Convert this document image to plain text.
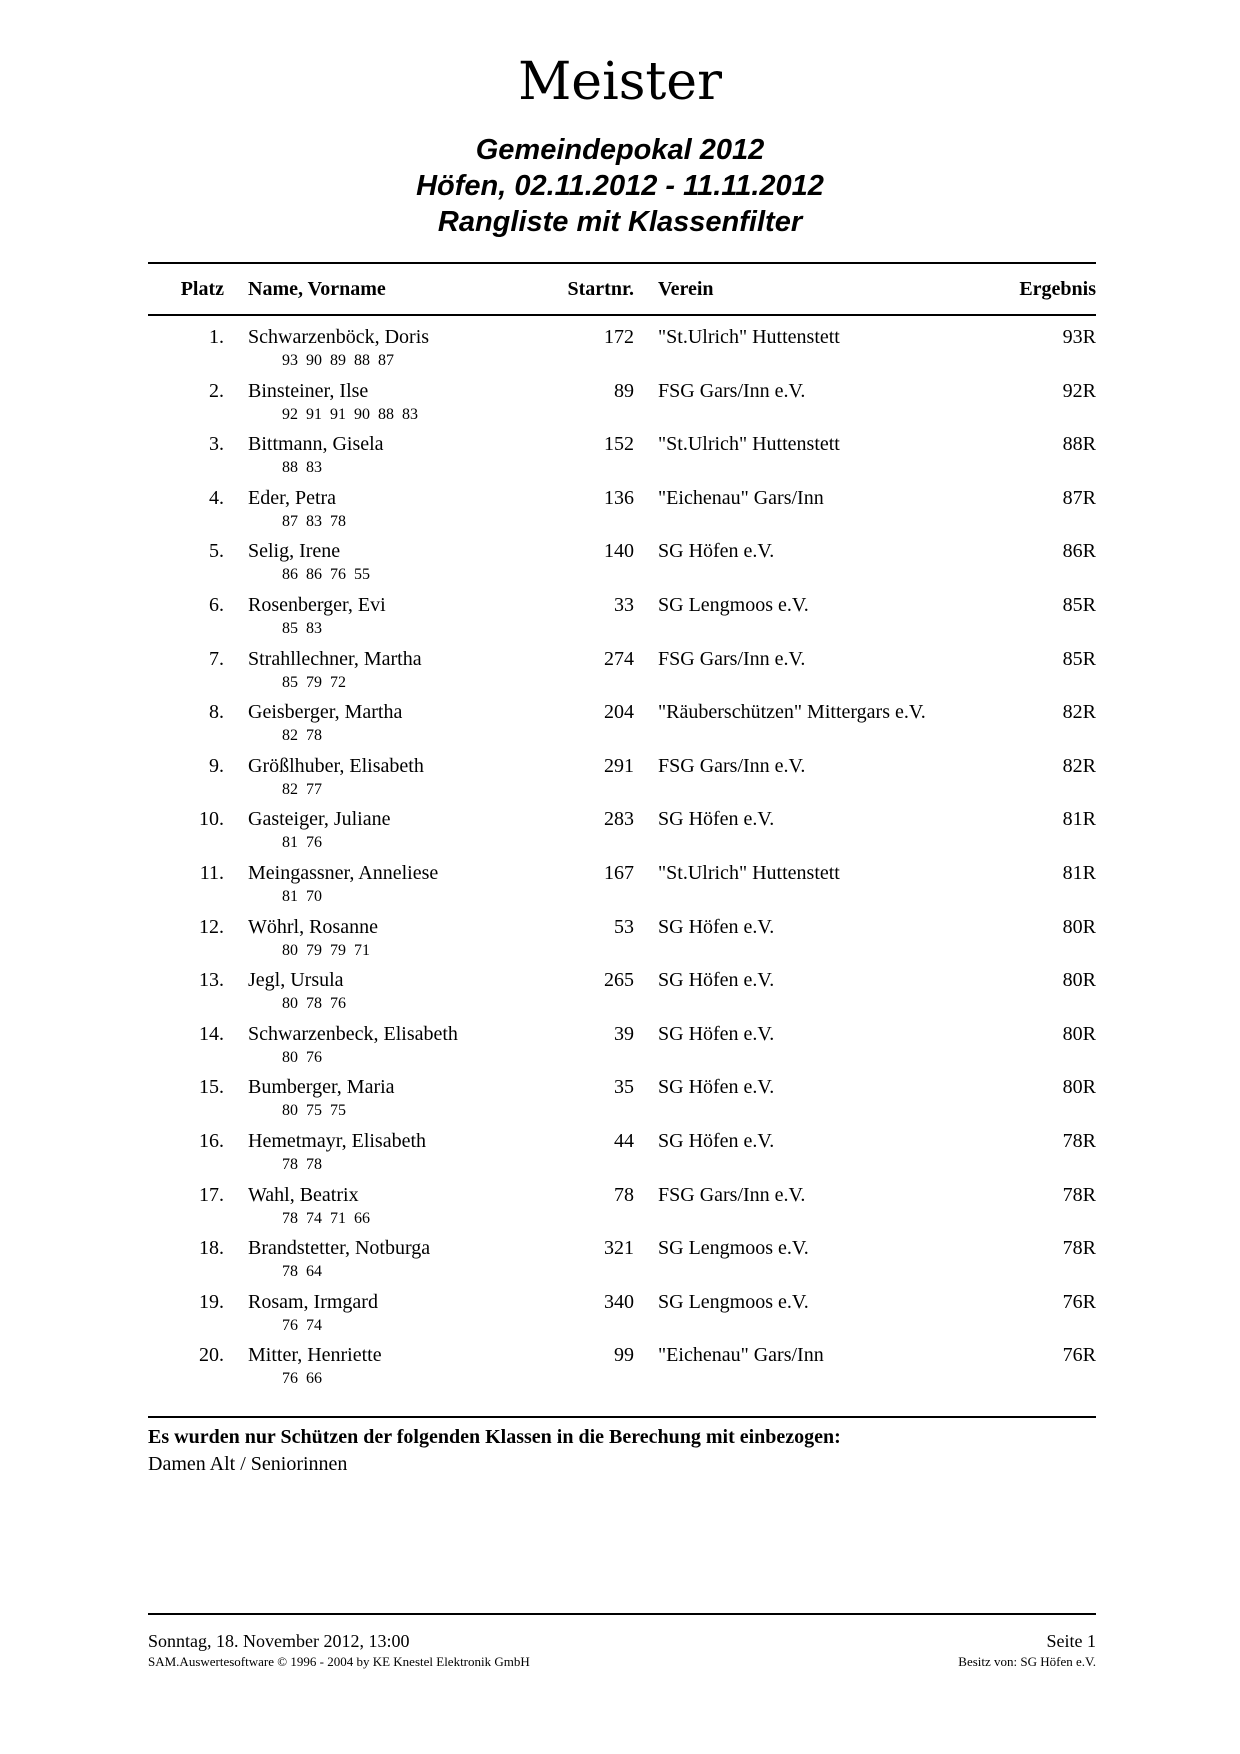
Meister
Gemeindepokal 2012
Höfen, 02.11.2012 - 11.11.2012
Rangliste mit Klassenfilter
Platz Name, Vorname	Startnr. Verein	Ergebnis
1. Schwarzenböck, Doris	172 "St.Ulrich" Huttenstett	93R
93 90 89 88 87
2. Binsteiner, Ilse	89 FSG Gars/Inn e.V.	92R
92 91 91 90 88 83
3. Bittmann, Gisela	152 "St.Ulrich" Huttenstett	88R
88 83
4. Eder, Petra	136 "Eichenau" Gars/Inn	87R
87 83 78
5. Selig, Irene	140 SG Höfen e.V.	86R
86 86 76 55
6. Rosenberger, Evi	33 SG Lengmoos e.V.	85R
85 83
7. Strahllechner, Martha	274 FSG Gars/Inn e.V.	85R
85 79 72
8. Geisberger, Martha	204 "Räuberschützen" Mittergars e.V.	82R
82 78
9. Größlhuber, Elisabeth	291 FSG Gars/Inn e.V.	82R
82 77
10. Gasteiger, Juliane	283 SG Höfen e.V.	81R
81 76
11. Meingassner, Anneliese	167 "St.Ulrich" Huttenstett	81R
81 70
12. Wöhrl, Rosanne	53 SG Höfen e.V.	80R
80 79 79 71
13. Jegl, Ursula	265 SG Höfen e.V.	80R
80 78 76
14. Schwarzenbeck, Elisabeth	39 SG Höfen e.V.	80R
80 76
15. Bumberger, Maria	35 SG Höfen e.V.	80R
80 75 75
16. Hemetmayr, Elisabeth	44 SG Höfen e.V.	78R
78 78
17. Wahl, Beatrix	78 FSG Gars/Inn e.V.	78R
78 74 71 66
18. Brandstetter, Notburga	321 SG Lengmoos e.V.	78R
78 64
19. Rosam, Irmgard	340 SG Lengmoos e.V.	76R
76 74
20. Mitter, Henriette	99 "Eichenau" Gars/Inn	76R
76 66
Es wurden nur Schützen der folgenden Klassen in die Berechung mit einbezogen:
Damen Alt / Seniorinnen
Sonntag, 18. November 2012, 13:00	Seite 1
SAM.Auswertesoftware © 1996 - 2004 by KE Knestel Elektronik GmbH	Besitz von: SG Höfen e.V.
